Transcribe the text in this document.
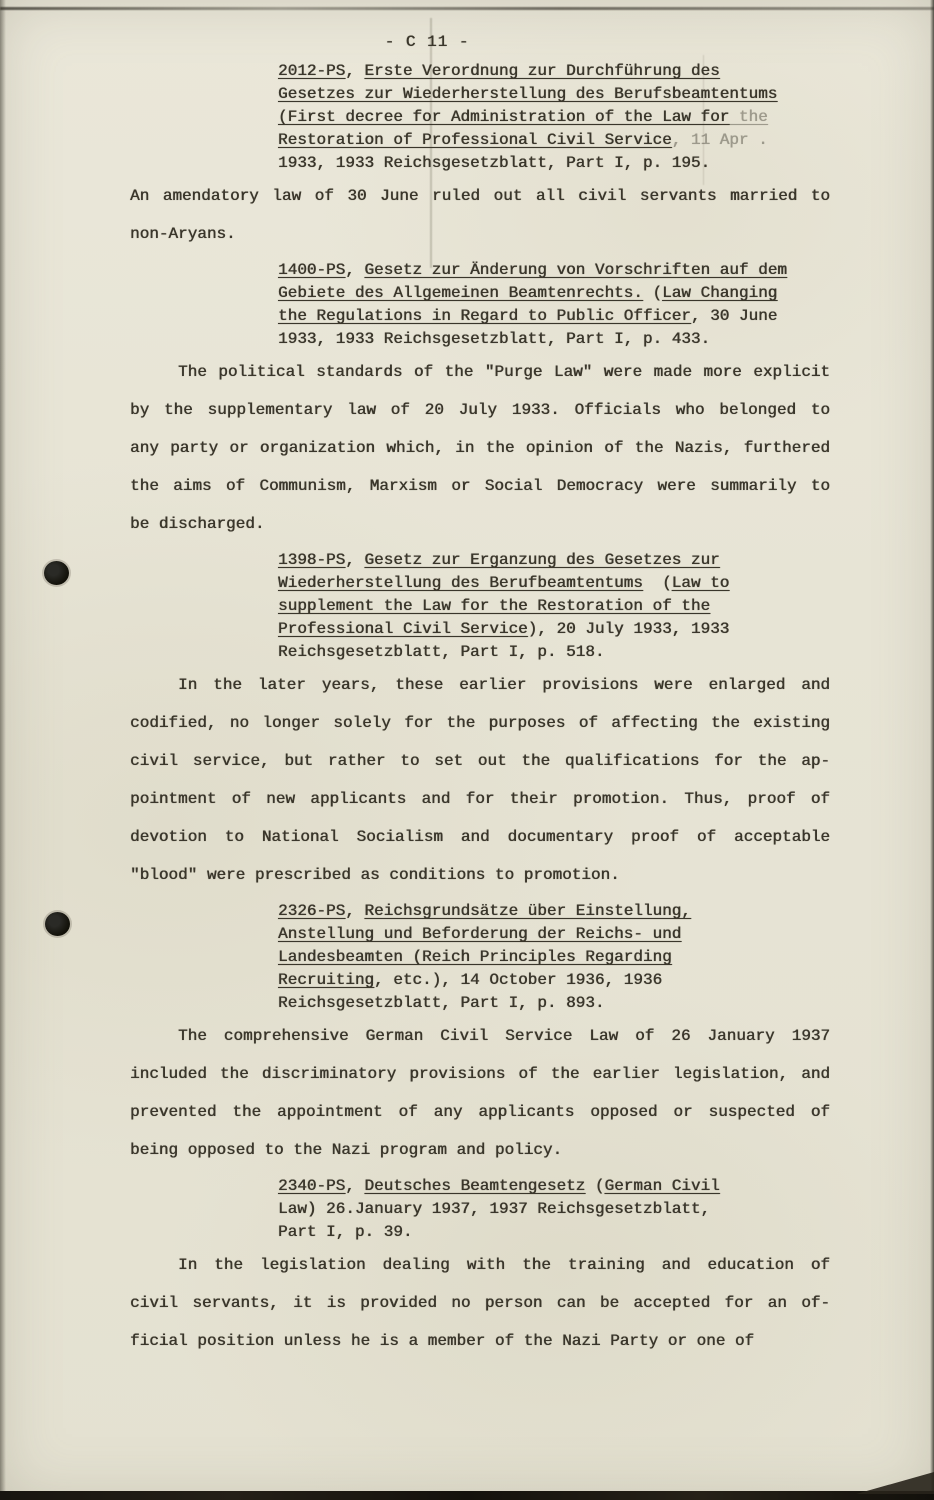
- C 11 -
2012-PS, Erste Verordnung zur Durchführung des
Gesetzes zur Wiederherstellung des Berufsbeamtentums
(First decree for Administration of the Law for the
Restoration of Professional Civil Service, 11 Apr .
1933, 1933 Reichsgesetzblatt, Part I, p. 195.
An amendatory law of 30 June ruled out all civil servants married to
non-Aryans.
1400-PS, Gesetz zur Änderung von Vorschriften auf dem
Gebiete des Allgemeinen Beamtenrechts. (Law Changing
the Regulations in Regard to Public Officer, 30 June
1933, 1933 Reichsgesetzblatt, Part I, p. 433.
The political standards of the "Purge Law" were made more explicit
by the supplementary law of 20 July 1933. Officials who belonged to
any party or organization which, in the opinion of the Nazis, furthered
the aims of Communism, Marxism or Social Democracy were summarily to
be discharged.
1398-PS, Gesetz zur Erganzung des Gesetzes zur
Wiederherstellung des Berufbeamtentums  (Law to
supplement the Law for the Restoration of the
Professional Civil Service), 20 July 1933, 1933
Reichsgesetzblatt, Part I, p. 518.
In the later years, these earlier provisions were enlarged and
codified, no longer solely for the purposes of affecting the existing
civil service, but rather to set out the qualifications for the ap-
pointment of new applicants and for their promotion. Thus, proof of
devotion to National Socialism and documentary proof of acceptable
"blood" were prescribed as conditions to promotion.
2326-PS, Reichsgrundsätze über Einstellung,
Anstellung und Beforderung der Reichs- und
Landesbeamten (Reich Principles Regarding
Recruiting, etc.), 14 October 1936, 1936
Reichsgesetzblatt, Part I, p. 893.
The comprehensive German Civil Service Law of 26 January 1937
included the discriminatory provisions of the earlier legislation, and
prevented the appointment of any applicants opposed or suspected of
being opposed to the Nazi program and policy.
2340-PS, Deutsches Beamtengesetz (German Civil
Law) 26.January 1937, 1937 Reichsgesetzblatt,
Part I, p. 39.
In the legislation dealing with the training and education of
civil servants, it is provided no person can be accepted for an of-
ficial position unless he is a member of the Nazi Party or one of
